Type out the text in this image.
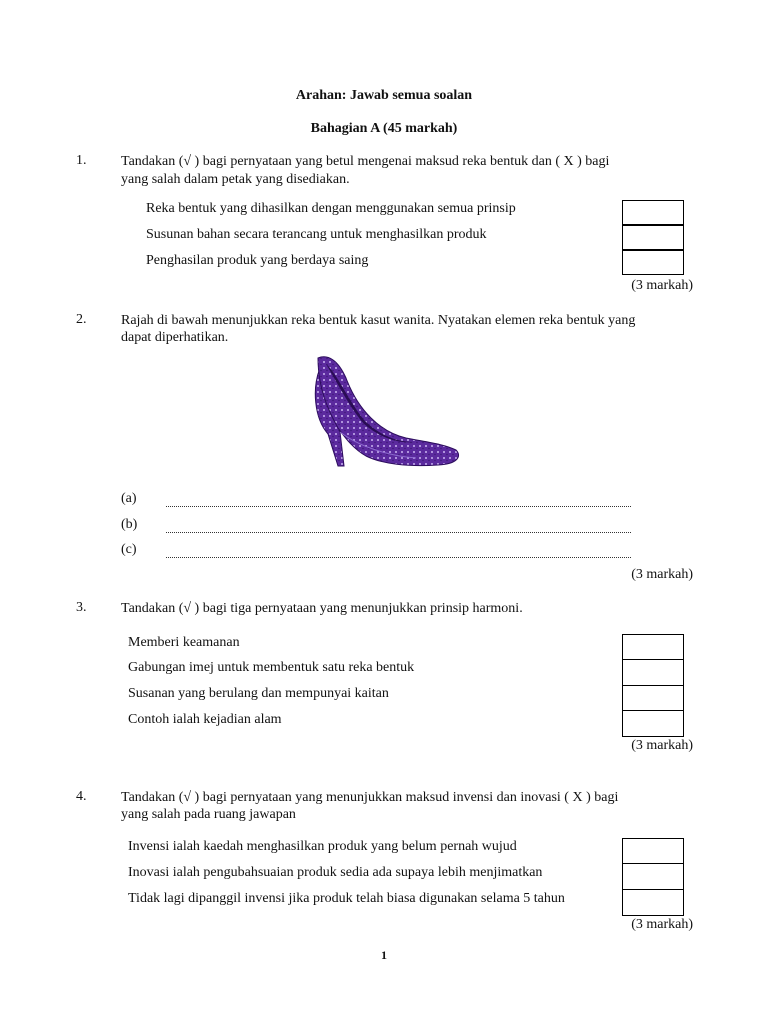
Arahan: Jawab semua soalan
Bahagian A (45 markah)
1. Tandakan (√ ) bagi pernyataan yang betul mengenai maksud reka bentuk dan ( X ) bagi
yang salah dalam petak yang disediakan.
Reka bentuk yang dihasilkan dengan menggunakan semua prinsip
Susunan bahan secara terancang untuk menghasilkan produk
Penghasilan produk yang berdaya saing
(3 markah)
2. Rajah di bawah menunjukkan reka bentuk kasut wanita. Nyatakan elemen reka bentuk yang
dapat diperhatikan.
(a)
(b)
(c)
(3 markah)
3. Tandakan (√ ) bagi tiga pernyataan yang menunjukkan prinsip harmoni.
Memberi keamanan
Gabungan imej untuk membentuk satu reka bentuk
Susanan yang berulang dan mempunyai kaitan
Contoh ialah kejadian alam
(3 markah)
4. Tandakan (√ ) bagi pernyataan yang menunjukkan maksud invensi dan inovasi ( X ) bagi
yang salah pada ruang jawapan
Invensi ialah kaedah menghasilkan produk yang belum pernah wujud
Inovasi ialah pengubahsuaian produk sedia ada supaya lebih menjimatkan
Tidak lagi dipanggil invensi jika produk telah biasa digunakan selama 5 tahun
(3 markah)
1
